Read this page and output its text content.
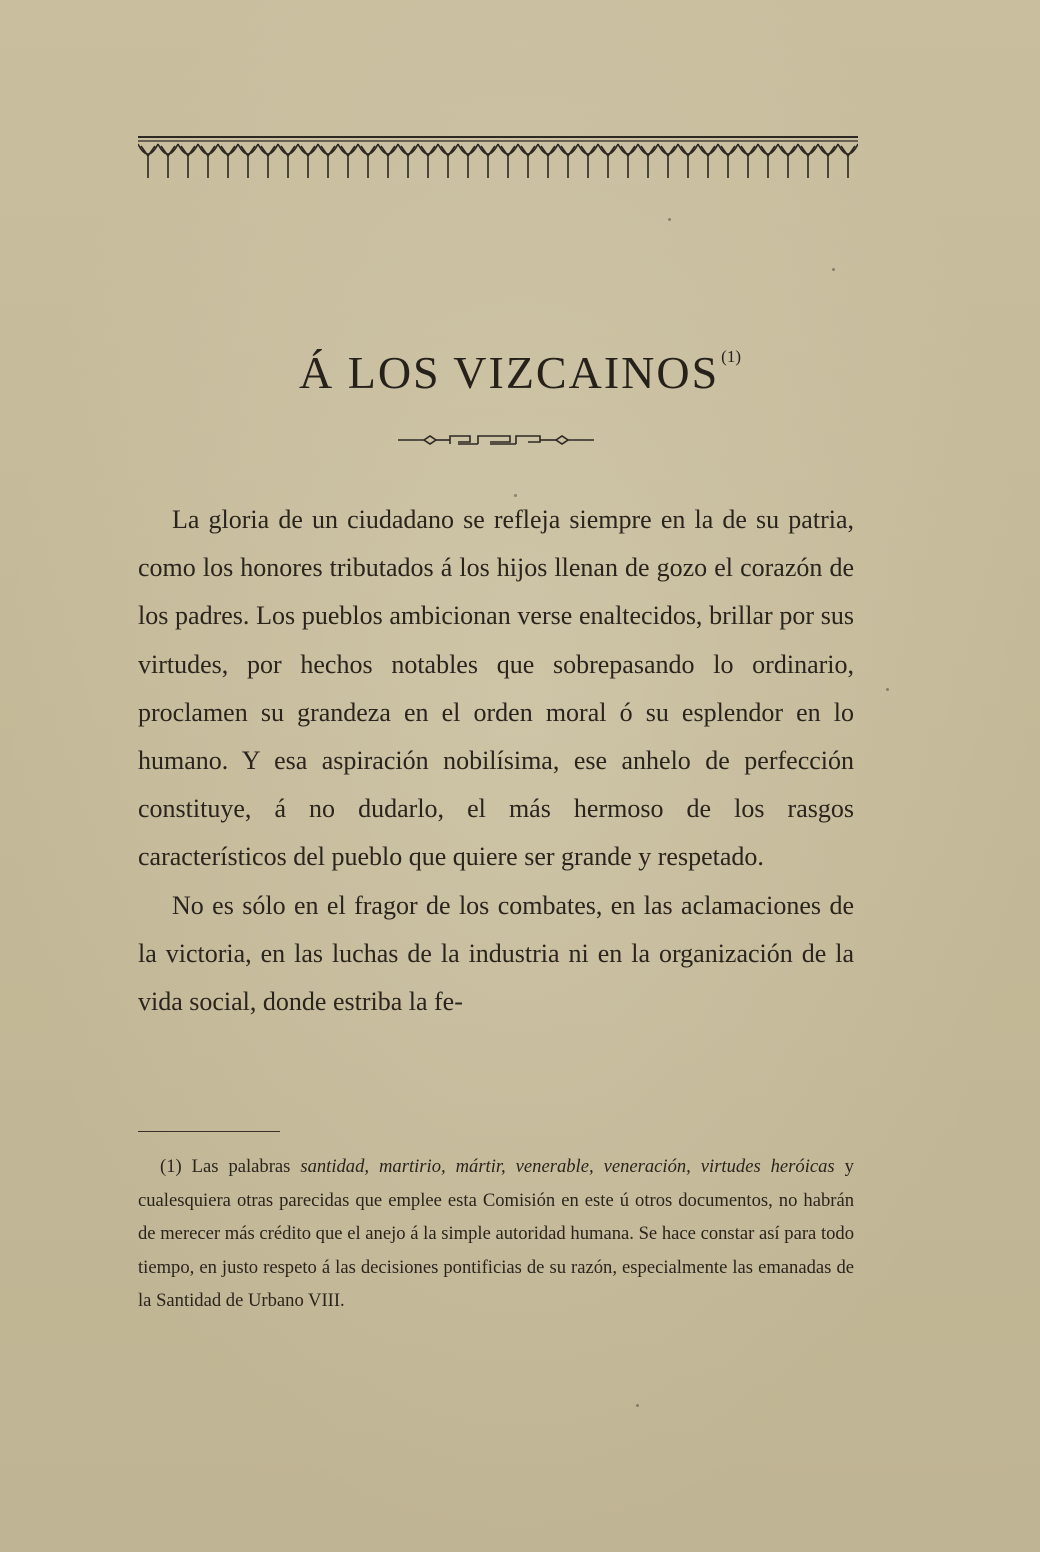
Á LOS VIZCAINOS $^{(1)}$

La gloria de un ciudadano se refleja siempre en la de su patria, como los honores tributados á los hijos llenan de gozo el corazón de los padres. Los pueblos ambicionan verse enaltecidos, brillar por sus virtudes, por hechos notables que sobrepasando lo ordinario, proclamen su grandeza en el orden moral ó su esplendor en lo humano. Y esa aspiración nobilísima, ese anhelo de perfección constituye, á no dudarlo, el más hermoso de los rasgos característicos del pueblo que quiere ser grande y respetado.

No es sólo en el fragor de los combates, en las aclamaciones de la victoria, en las luchas de la industria ni en la organización de la vida social, donde estriba la fe-

(1) Las palabras santidad, martirio, mártir, venerable, veneración, virtudes heróicas y cualesquiera otras parecidas que emplee esta Comisión en este ú otros documentos, no habrán de merecer más crédito que el anejo á la simple autoridad humana. Se hace constar así para todo tiempo, en justo respeto á las decisiones pontificias de su razón, especialmente las emanadas de la Santidad de Urbano VIII.
